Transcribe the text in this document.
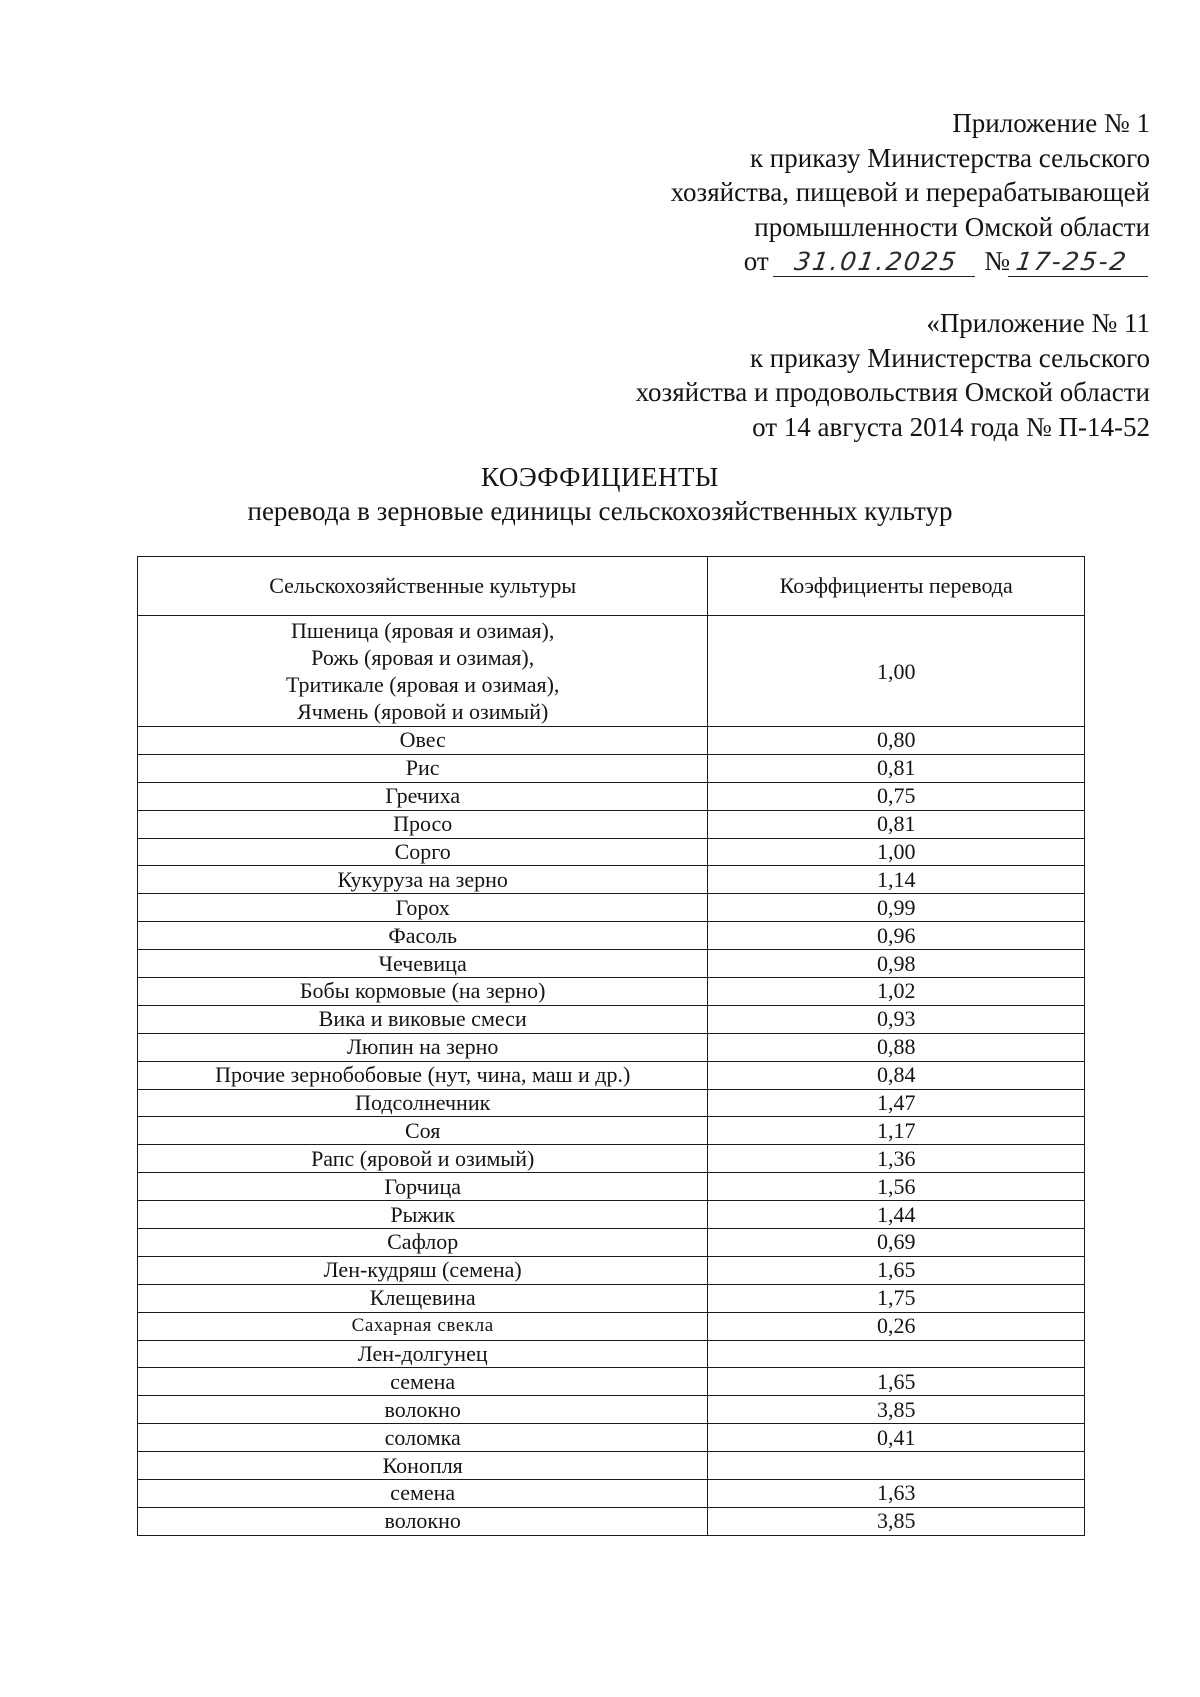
Приложение № 1
к приказу Министерства сельского
хозяйства, пищевой и перерабатывающей
промышленности Омской области
от 31.01.2025 № 17-25-2
«Приложение № 11
к приказу Министерства сельского
хозяйства и продовольствия Омской области
от 14 августа 2014 года № П-14-52
КОЭФФИЦИЕНТЫ
перевода в зерновые единицы сельскохозяйственных культур
Сельскохозяйственные культуры	Коэффициенты перевода

Пшеница (яровая и озимая),
Рожь (яровая и озимая),
Тритикале (яровая и озимая),
Ячмень (яровой и озимый)	1,00
Овес	0,80
Рис	0,81
Гречиха	0,75
Просо	0,81
Сорго	1,00
Кукуруза на зерно	1,14
Горох	0,99
Фасоль	0,96
Чечевица	0,98
Бобы кормовые (на зерно)	1,02
Вика и виковые смеси	0,93
Люпин на зерно	0,88
Прочие зернобобовые (нут, чина, маш и др.)	0,84
Подсолнечник	1,47
Соя	1,17
Рапс (яровой и озимый)	1,36
Горчица	1,56
Рыжик	1,44
Сафлор	0,69
Лен-кудряш (семена)	1,65
Клещевина	1,75
Сахарная свекла	0,26
Лен-долгунец	
семена	1,65
волокно	3,85
соломка	0,41
Конопля	
семена	1,63
волокно	3,85
